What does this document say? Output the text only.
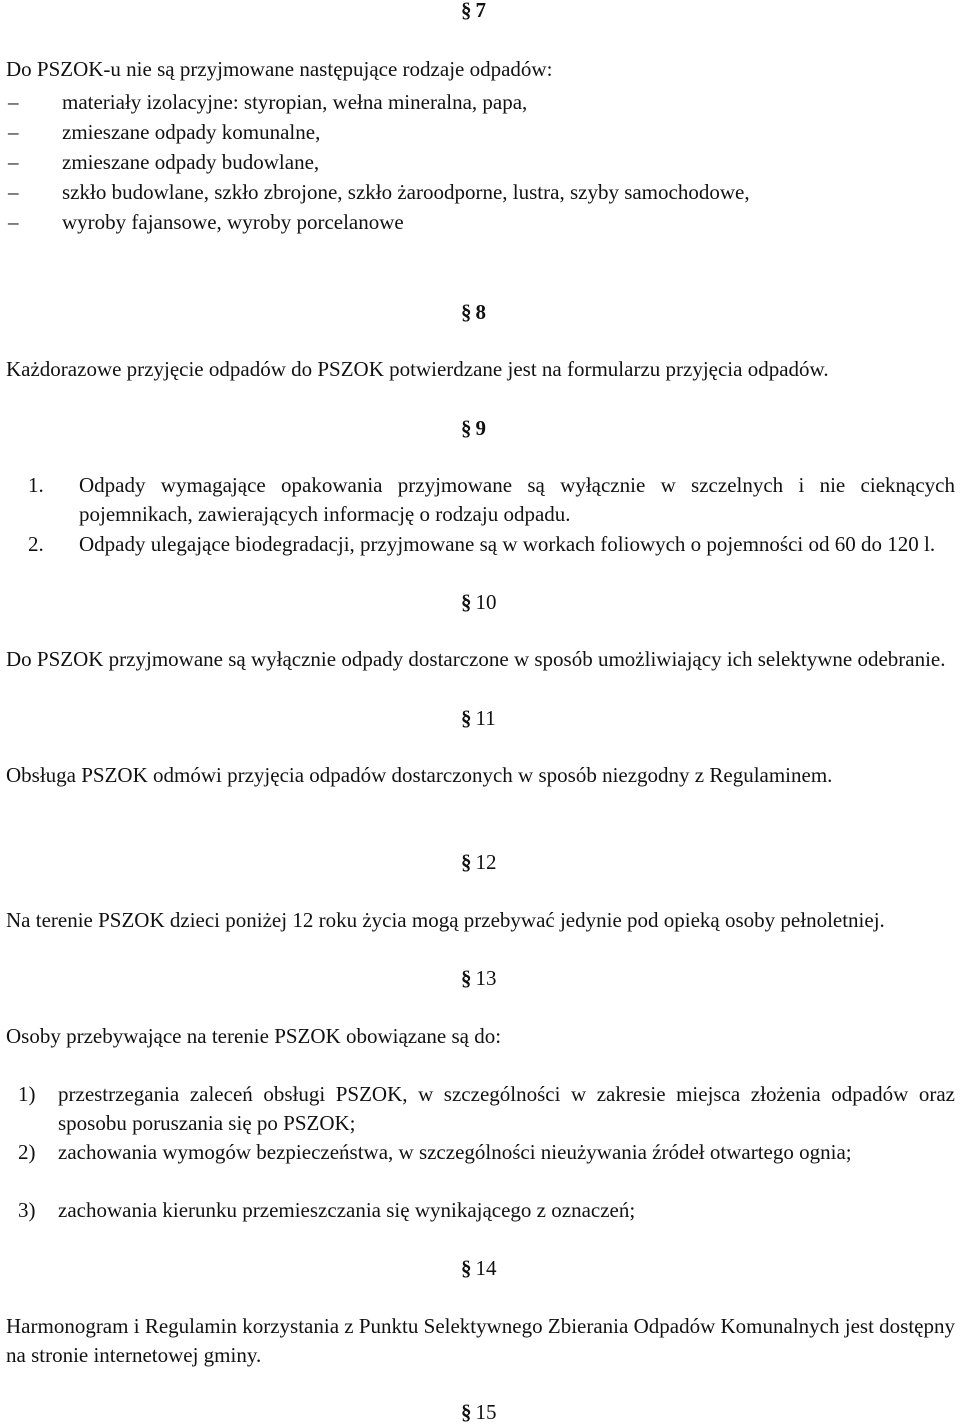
§ 7
Do PSZOK-u nie są przyjmowane następujące rodzaje odpadów:
– materiały izolacyjne: styropian, wełna mineralna, papa,
– zmieszane odpady komunalne,
– zmieszane odpady budowlane,
– szkło budowlane, szkło zbrojone, szkło żaroodporne, lustra, szyby samochodowe,
– wyroby fajansowe, wyroby porcelanowe
§ 8
Każdorazowe przyjęcie odpadów do PSZOK potwierdzane jest na formularzu przyjęcia odpadów.
§ 9
1. Odpady wymagające opakowania przyjmowane są wyłącznie w szczelnych i nie cieknących pojemnikach, zawierających informację o rodzaju odpadu.
2. Odpady ulegające biodegradacji, przyjmowane są w workach foliowych o pojemności od 60 do 120 l.
§ 10
Do PSZOK przyjmowane są wyłącznie odpady dostarczone w sposób umożliwiający ich selektywne odebranie.
§ 11
Obsługa PSZOK odmówi przyjęcia odpadów dostarczonych w sposób niezgodny z Regulaminem.
§ 12
Na terenie PSZOK dzieci poniżej 12 roku życia mogą przebywać jedynie pod opieką osoby pełnoletniej.
§ 13
Osoby przebywające na terenie PSZOK obowiązane są do:
1) przestrzegania zaleceń obsługi PSZOK, w szczególności w zakresie miejsca złożenia odpadów oraz sposobu poruszania się po PSZOK;
2) zachowania wymogów bezpieczeństwa, w szczególności nieużywania źródeł otwartego ognia;
3) zachowania kierunku przemieszczania się wynikającego z oznaczeń;
§ 14
Harmonogram i Regulamin korzystania z Punktu Selektywnego Zbierania Odpadów Komunalnych jest dostępny na stronie internetowej gminy.
§ 15
